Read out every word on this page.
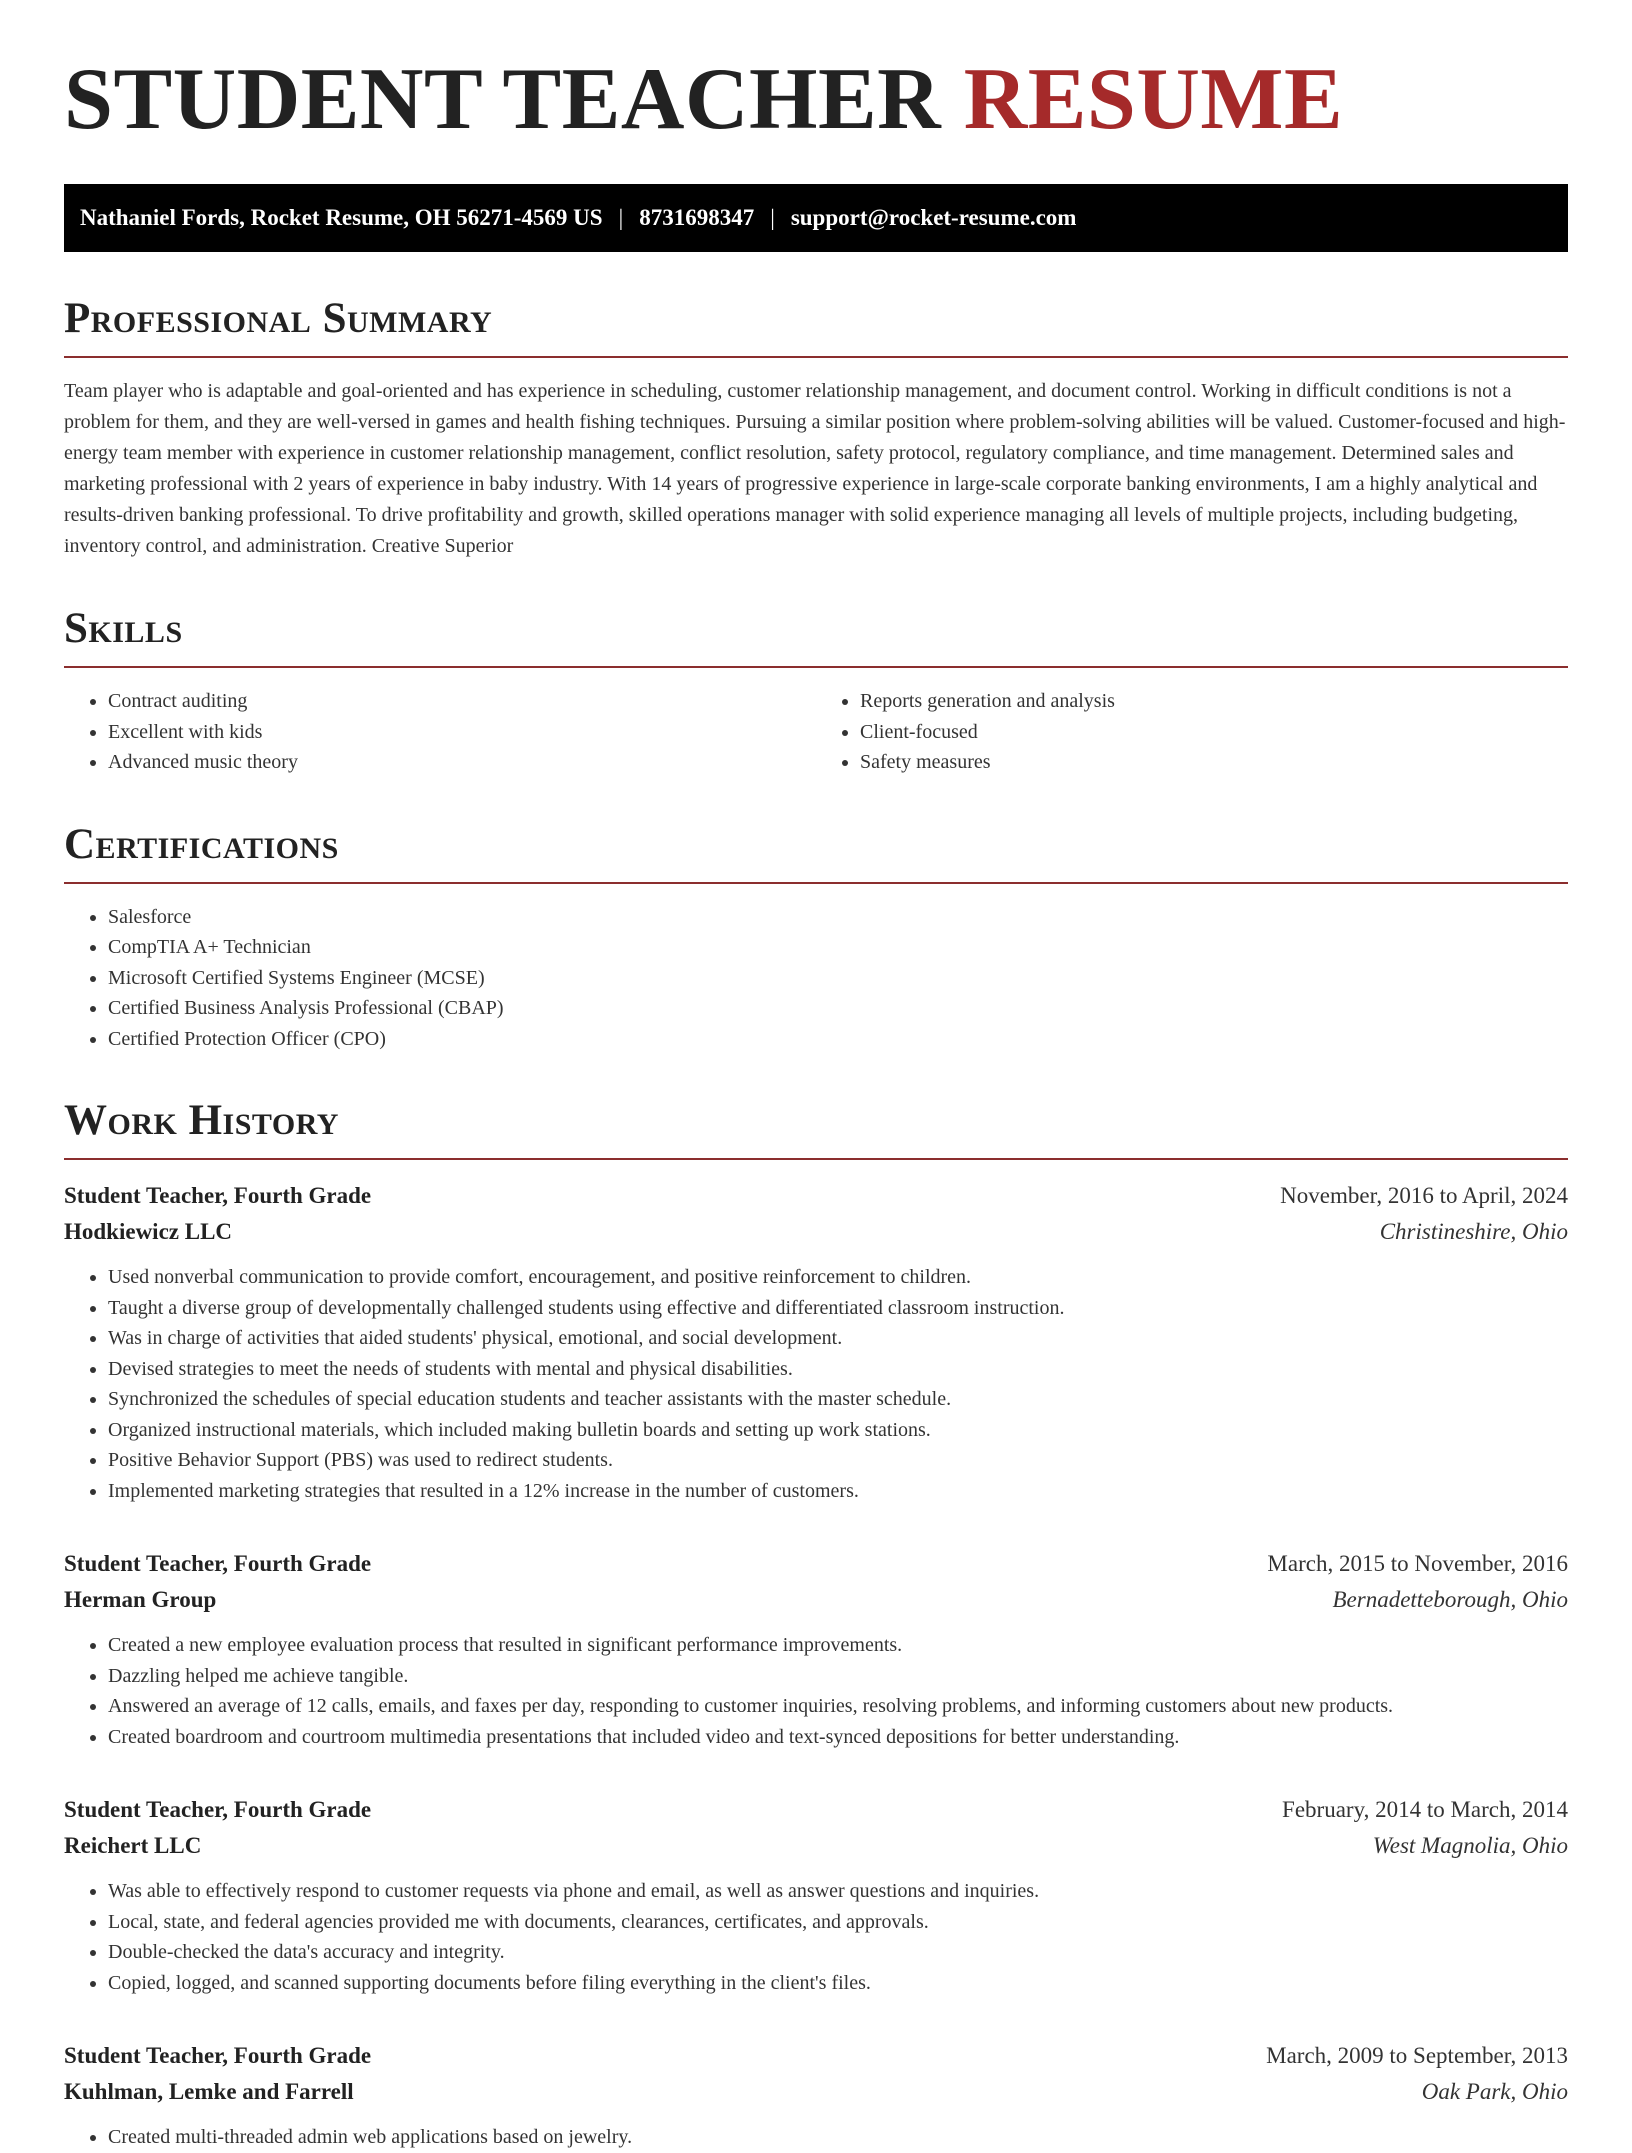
STUDENT TEACHER RESUME
Nathaniel Fords, Rocket Resume, OH 56271-4569 US | 8731698347 | support@rocket-resume.com
Professional Summary

Team player who is adaptable and goal-oriented and has experience in scheduling, customer relationship management, and document control. Working in difficult conditions is not a problem for them, and they are well-versed in games and health fishing techniques. Pursuing a similar position where problem-solving abilities will be valued. Customer-focused and high-energy team member with experience in customer relationship management, conflict resolution, safety protocol, regulatory compliance, and time management. Determined sales and marketing professional with 2 years of experience in baby industry. With 14 years of progressive experience in large-scale corporate banking environments, I am a highly analytical and results-driven banking professional. To drive profitability and growth, skilled operations manager with solid experience managing all levels of multiple projects, including budgeting, inventory control, and administration. Creative Superior

Skills
• Contract auditing
• Excellent with kids
• Advanced music theory
• Reports generation and analysis
• Client-focused
• Safety measures
Certifications
• Salesforce
• CompTIA A+ Technician
• Microsoft Certified Systems Engineer (MCSE)
• Certified Business Analysis Professional (CBAP)
• Certified Protection Officer (CPO)
Work History
Student Teacher, Fourth Grade	November, 2016 to April, 2024
Hodkiewicz LLC	Christineshire, Ohio
• Used nonverbal communication to provide comfort, encouragement, and positive reinforcement to children.
• Taught a diverse group of developmentally challenged students using effective and differentiated classroom instruction.
• Was in charge of activities that aided students' physical, emotional, and social development.
• Devised strategies to meet the needs of students with mental and physical disabilities.
• Synchronized the schedules of special education students and teacher assistants with the master schedule.
• Organized instructional materials, which included making bulletin boards and setting up work stations.
• Positive Behavior Support (PBS) was used to redirect students.
• Implemented marketing strategies that resulted in a 12% increase in the number of customers.
Student Teacher, Fourth Grade	March, 2015 to November, 2016
Herman Group	Bernadetteborough, Ohio
• Created a new employee evaluation process that resulted in significant performance improvements.
• Dazzling helped me achieve tangible.
• Answered an average of 12 calls, emails, and faxes per day, responding to customer inquiries, resolving problems, and informing customers about new products.
• Created boardroom and courtroom multimedia presentations that included video and text-synced depositions for better understanding.
Student Teacher, Fourth Grade	February, 2014 to March, 2014
Reichert LLC	West Magnolia, Ohio
• Was able to effectively respond to customer requests via phone and email, as well as answer questions and inquiries.
• Local, state, and federal agencies provided me with documents, clearances, certificates, and approvals.
• Double-checked the data's accuracy and integrity.
• Copied, logged, and scanned supporting documents before filing everything in the client's files.
Student Teacher, Fourth Grade	March, 2009 to September, 2013
Kuhlman, Lemke and Farrell	Oak Park, Ohio
• Created multi-threaded admin web applications based on jewelry.
